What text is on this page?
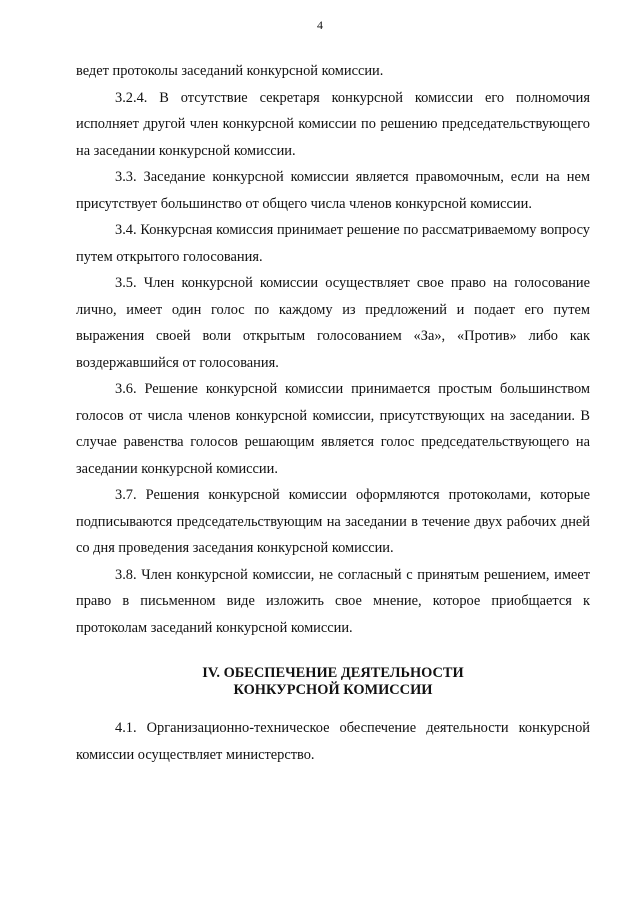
4

ведет протоколы заседаний конкурсной комиссии.

3.2.4. В отсутствие секретаря конкурсной комиссии его полномочия исполняет другой член конкурсной комиссии по решению председательствующего на заседании конкурсной комиссии.

3.3. Заседание конкурсной комиссии является правомочным, если на нем присутствует большинство от общего числа членов конкурсной комиссии.

3.4. Конкурсная комиссия принимает решение по рассматриваемому вопросу путем открытого голосования.

3.5. Член конкурсной комиссии осуществляет свое право на голосование лично, имеет один голос по каждому из предложений и подает его путем выражения своей воли открытым голосованием «За», «Против» либо как воздержавшийся от голосования.

3.6. Решение конкурсной комиссии принимается простым большинством голосов от числа членов конкурсной комиссии, присутствующих на заседании. В случае равенства голосов решающим является голос председательствующего на заседании конкурсной комиссии.

3.7. Решения конкурсной комиссии оформляются протоколами, которые подписываются председательствующим на заседании в течение двух рабочих дней со дня проведения заседания конкурсной комиссии.

3.8. Член конкурсной комиссии, не согласный с принятым решением, имеет право в письменном виде изложить свое мнение, которое приобщается к протоколам заседаний конкурсной комиссии.

IV. ОБЕСПЕЧЕНИЕ ДЕЯТЕЛЬНОСТИ
КОНКУРСНОЙ КОМИССИИ

4.1. Организационно-техническое обеспечение деятельности конкурсной комиссии осуществляет министерство.
